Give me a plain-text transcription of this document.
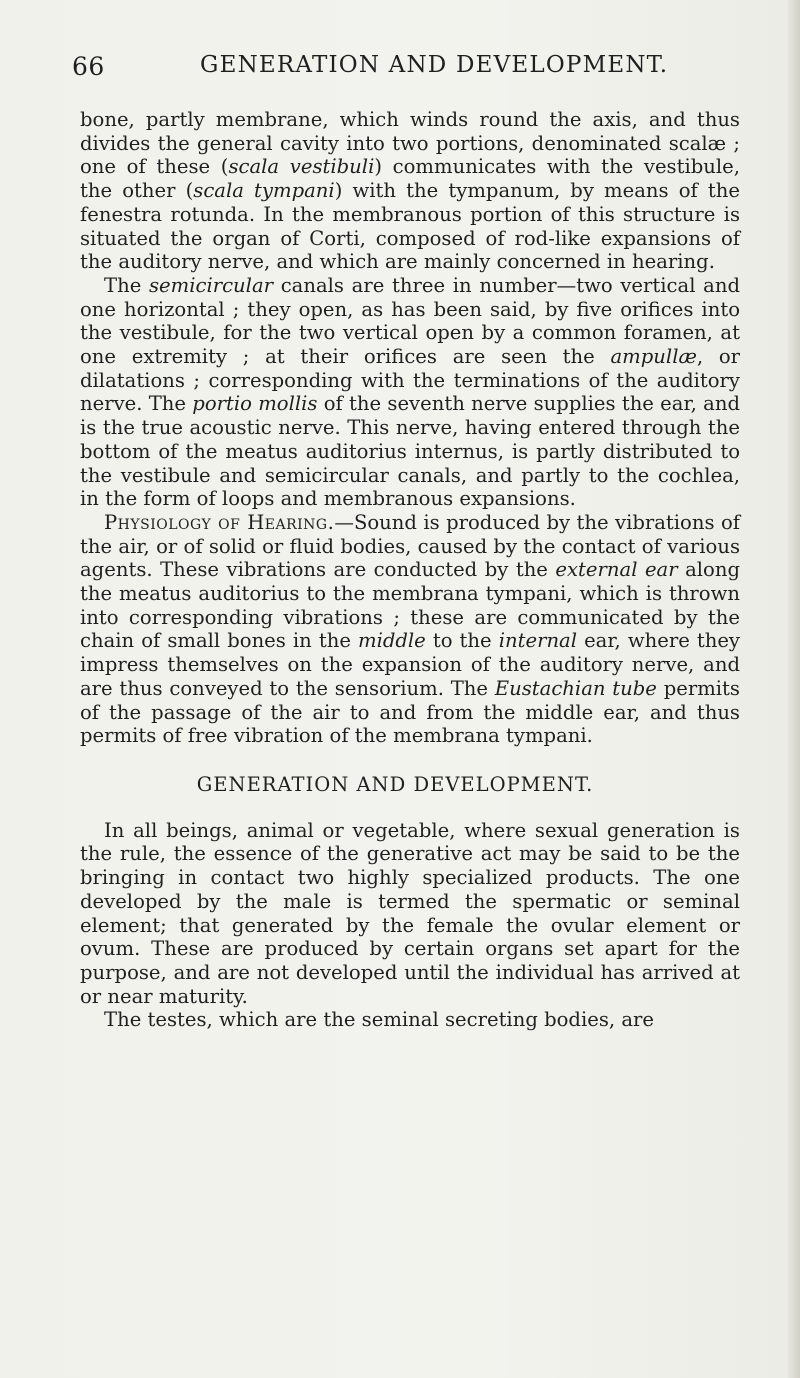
66	GENERATION AND DEVELOPMENT.

bone, partly membrane, which winds round the axis, and thus divides the general cavity into two portions, denominated scalæ ; one of these (scala vestibuli) communicates with the vestibule, the other (scala tympani) with the tympanum, by means of the fenestra rotunda. In the membranous portion of this structure is situated the organ of Corti, composed of rod-like expansions of the auditory nerve, and which are mainly concerned in hearing.

The semicircular canals are three in number—two vertical and one horizontal ; they open, as has been said, by five orifices into the vestibule, for the two vertical open by a common foramen, at one extremity ; at their orifices are seen the ampullæ, or dilatations ; corresponding with the terminations of the auditory nerve. The portio mollis of the seventh nerve supplies the ear, and is the true acoustic nerve. This nerve, having entered through the bottom of the meatus auditorius internus, is partly distributed to the vestibule and semicircular canals, and partly to the cochlea, in the form of loops and membranous expansions.

Physiology of Hearing.—Sound is produced by the vibrations of the air, or of solid or fluid bodies, caused by the contact of various agents. These vibrations are conducted by the external ear along the meatus auditorius to the membrana tympani, which is thrown into corresponding vibrations ; these are communicated by the chain of small bones in the middle to the internal ear, where they impress themselves on the expansion of the auditory nerve, and are thus conveyed to the sensorium. The Eustachian tube permits of the passage of the air to and from the middle ear, and thus permits of free vibration of the membrana tympani.

GENERATION AND DEVELOPMENT.

In all beings, animal or vegetable, where sexual generation is the rule, the essence of the generative act may be said to be the bringing in contact two highly specialized products. The one developed by the male is termed the spermatic or seminal element; that generated by the female the ovular element or ovum. These are produced by certain organs set apart for the purpose, and are not developed until the individual has arrived at or near maturity.

The testes, which are the seminal secreting bodies, are
